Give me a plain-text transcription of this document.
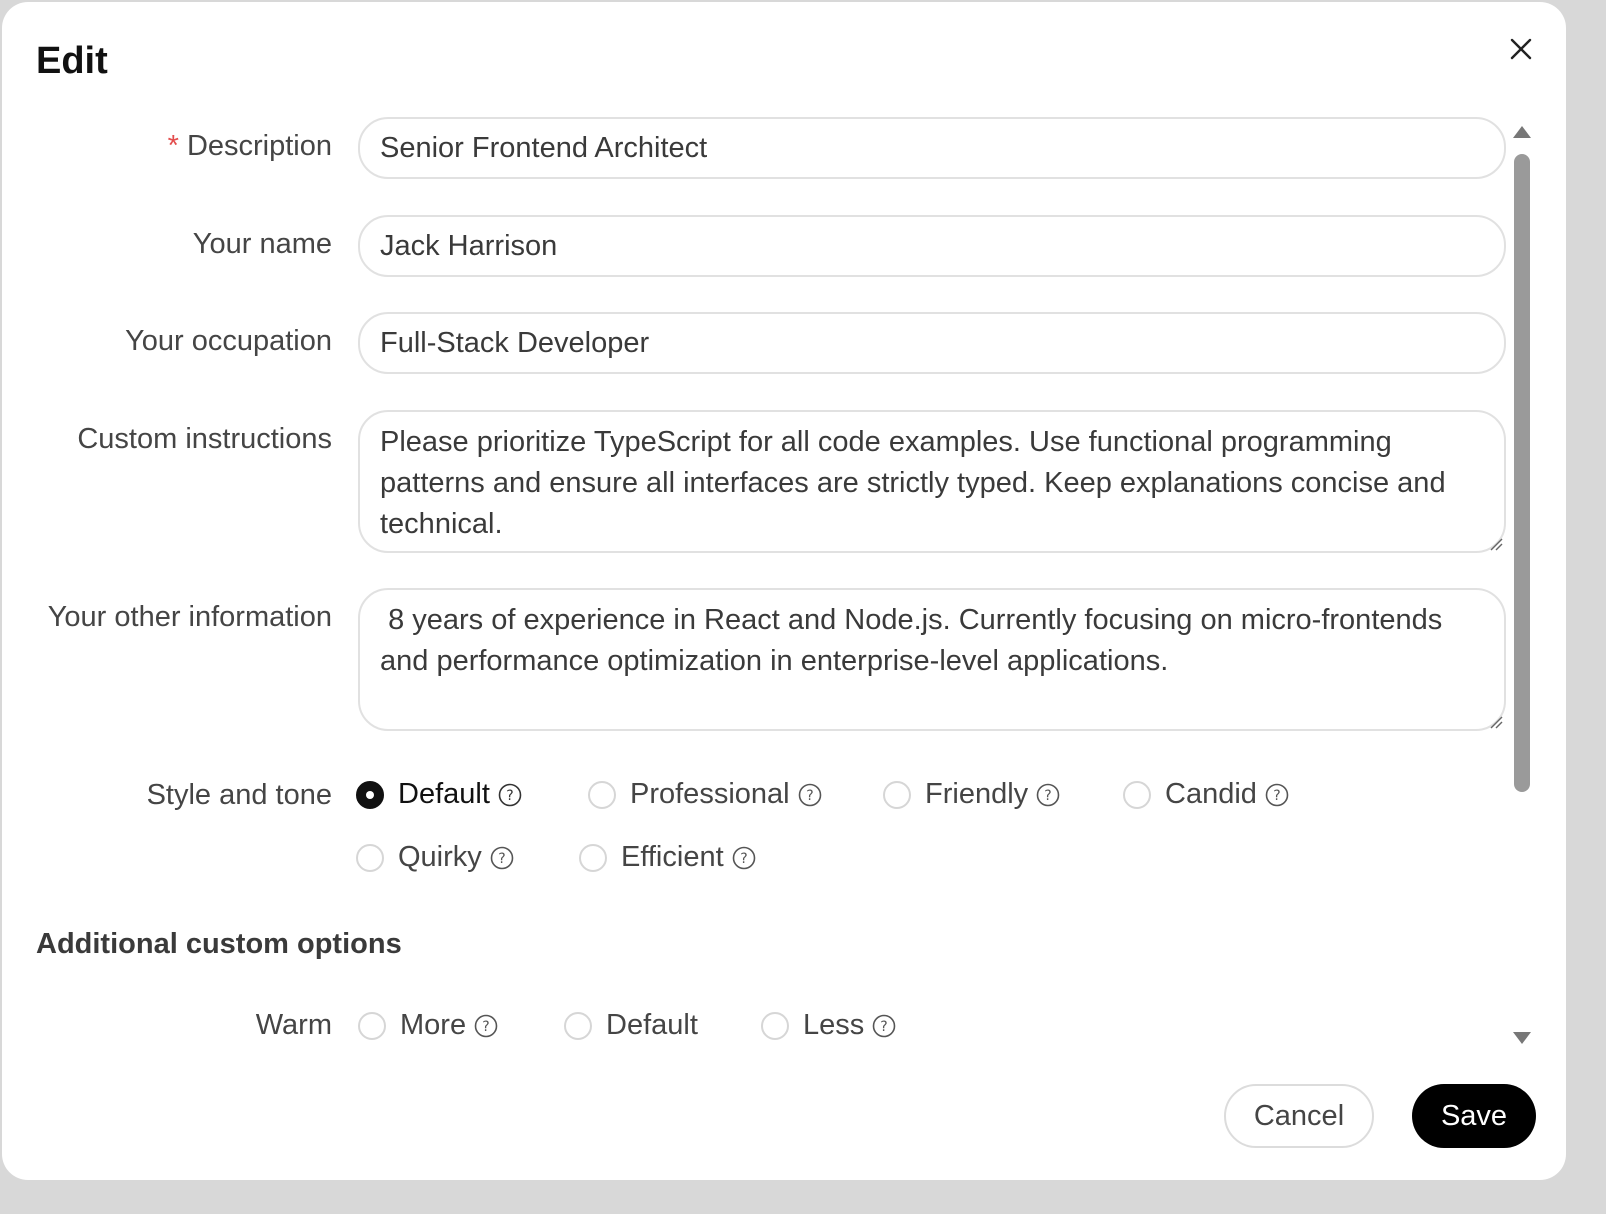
Edit
* Description
Senior Frontend Architect
Your name
Jack Harrison
Your occupation
Full-Stack Developer
Custom instructions
Please prioritize TypeScript for all code examples. Use functional programming patterns and ensure all interfaces are strictly typed. Keep explanations concise and technical.
Your other information
8 years of experience in React and Node.js. Currently focusing on micro-frontends and performance optimization in enterprise-level applications.
Style and tone Default ?	Professional ?	Friendly ?	Candid ?
Quirky ?	Efficient ?
Additional custom options
Warm More ?	Default	Less ?
Cancel	Save
